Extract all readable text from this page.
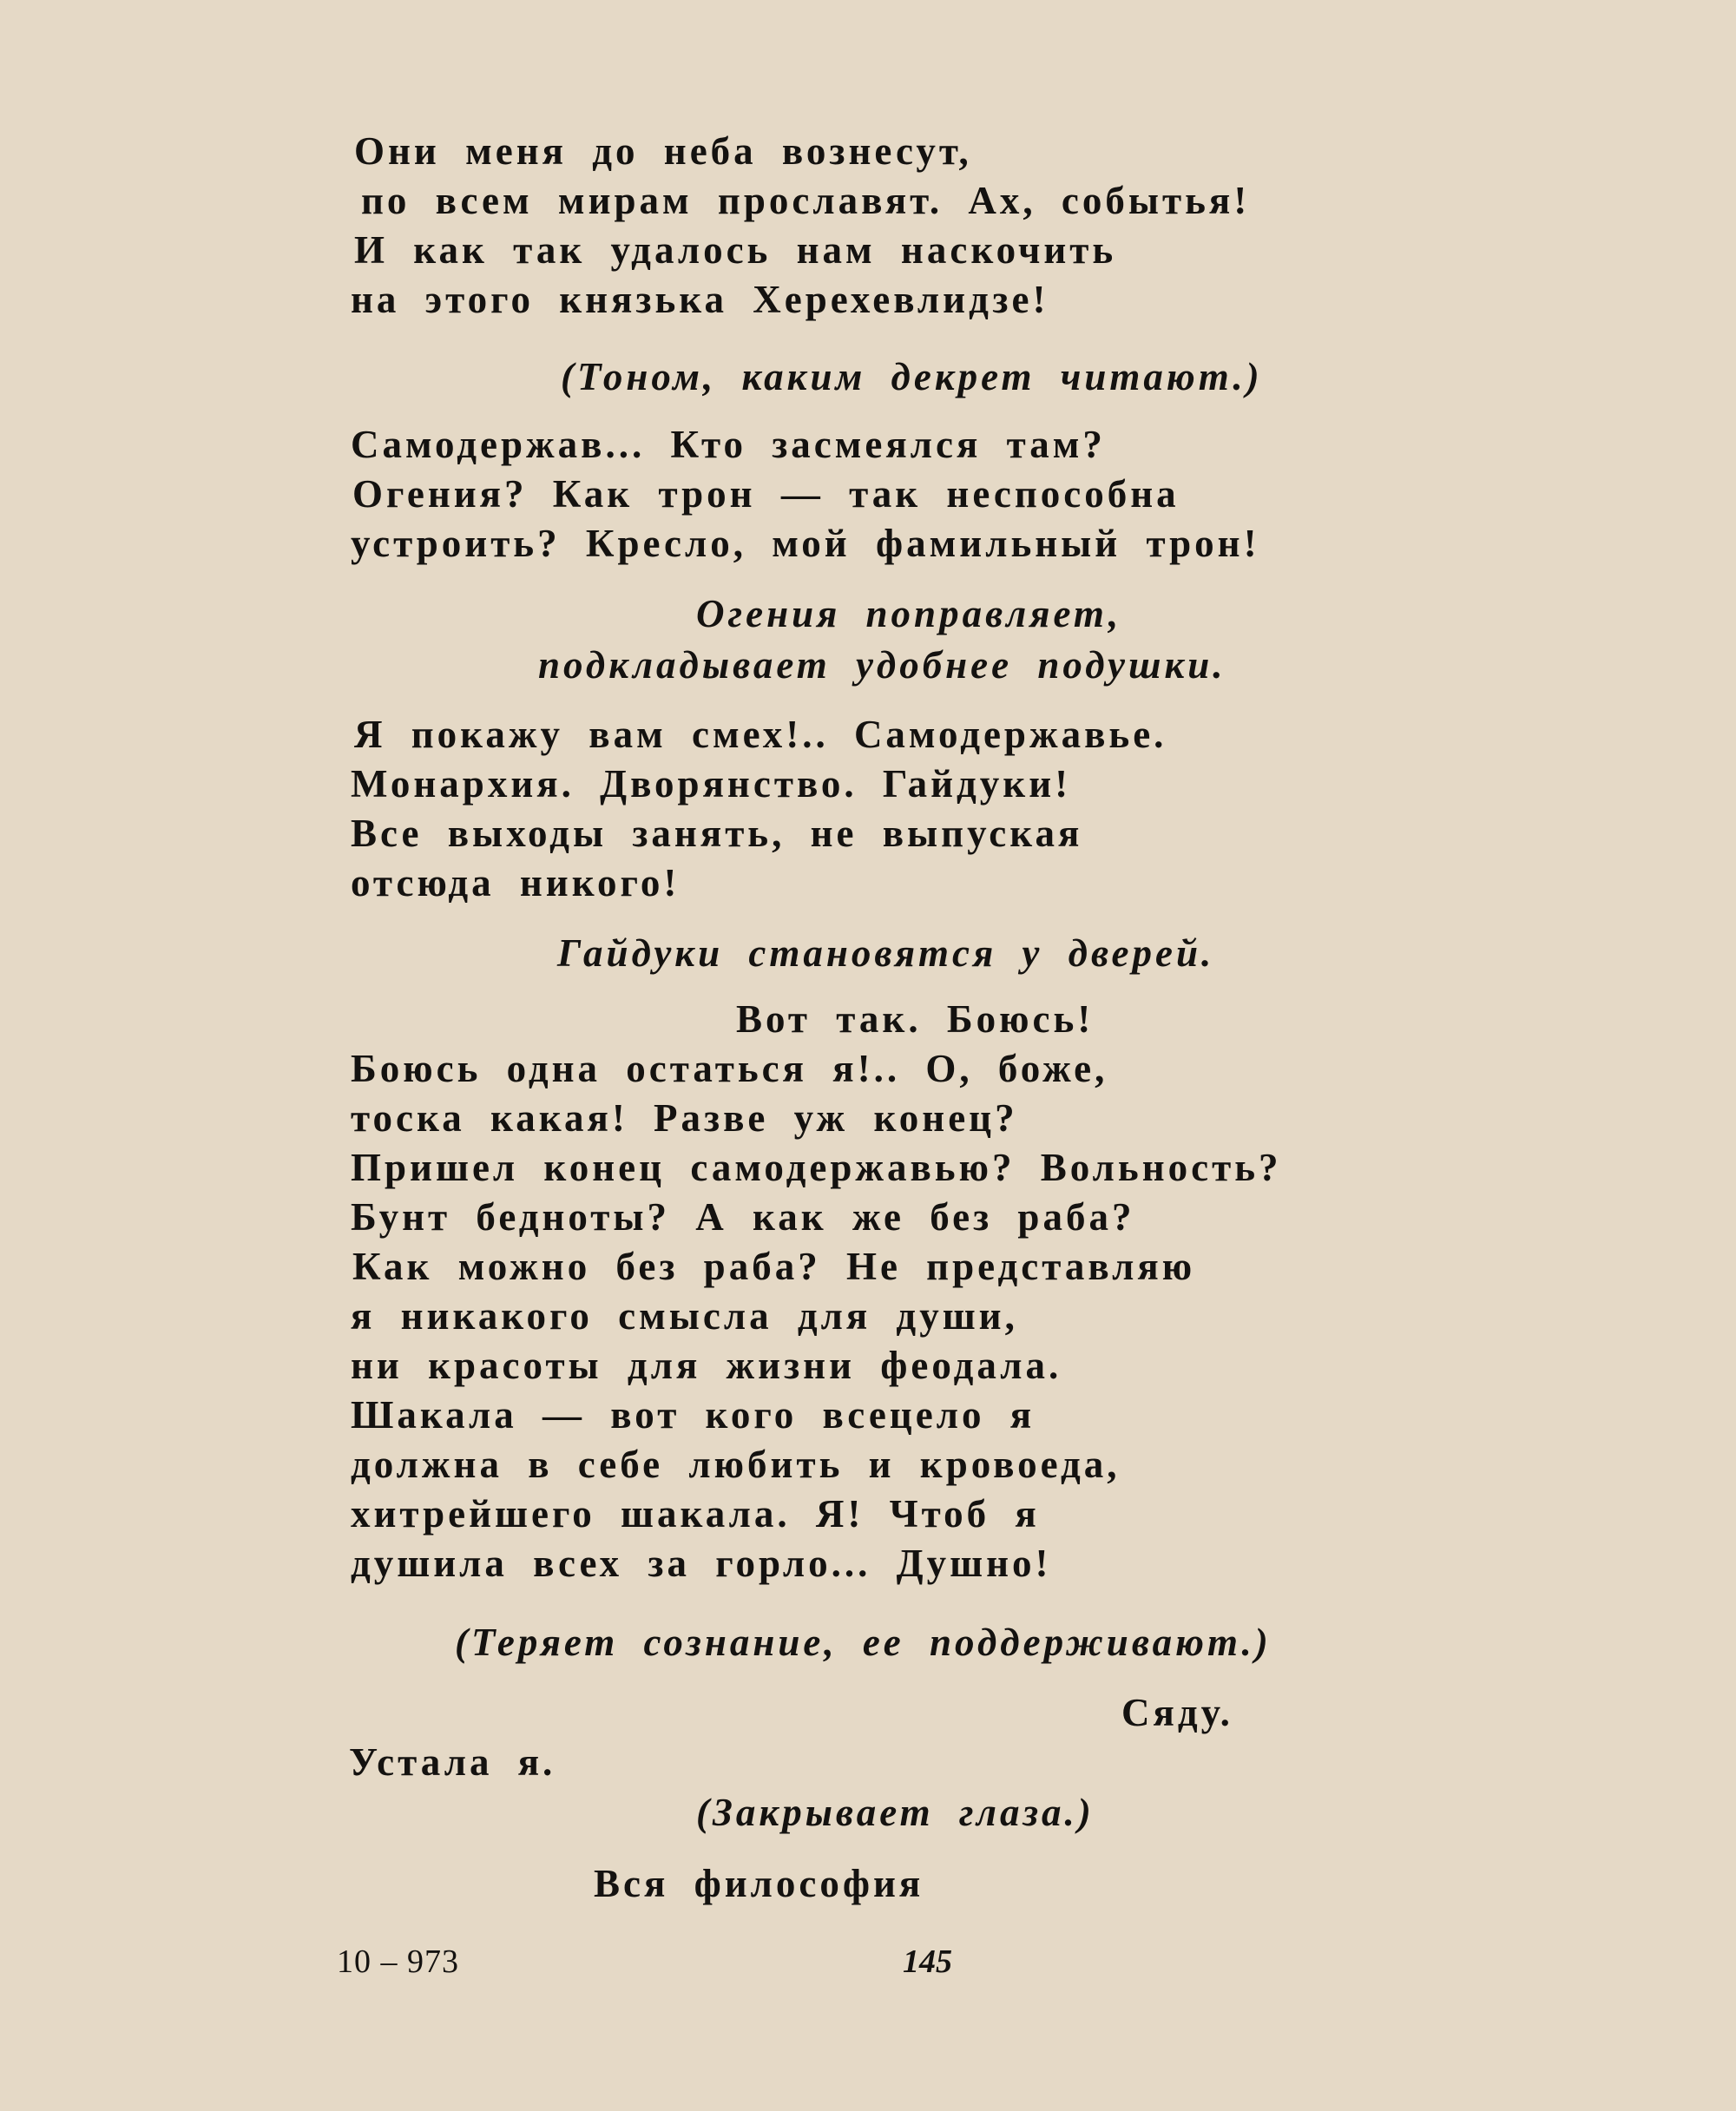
Они меня до неба вознесут,
по всем мирам прославят. Ах, событья!
И как так удалось нам наскочить
на этого князька Херехевлидзе!
(Тоном, каким декрет читают.)
Самодержав... Кто засмеялся там?
Огения? Как трон — так неспособна
устроить? Кресло, мой фамильный трон!
Огения поправляет,
подкладывает удобнее подушки.
Я покажу вам смех!.. Самодержавье.
Монархия. Дворянство. Гайдуки!
Все выходы занять, не выпуская
отсюда никого!
Гайдуки становятся у дверей.
Вот так. Боюсь!
Боюсь одна остаться я!.. О, боже,
тоска какая! Разве уж конец?
Пришел конец самодержавью? Вольность?
Бунт бедноты? А как же без раба?
Как можно без раба? Не представляю
я никакого смысла для души,
ни красоты для жизни феодала.
Шакала — вот кого всецело я
должна в себе любить и кровоеда,
хитрейшего шакала. Я! Чтоб я
душила всех за горло... Душно!
(Теряет сознание, ее поддерживают.)
Сяду.
Устала я.
(Закрывает глаза.)
Вся философия
10 – 973	145
